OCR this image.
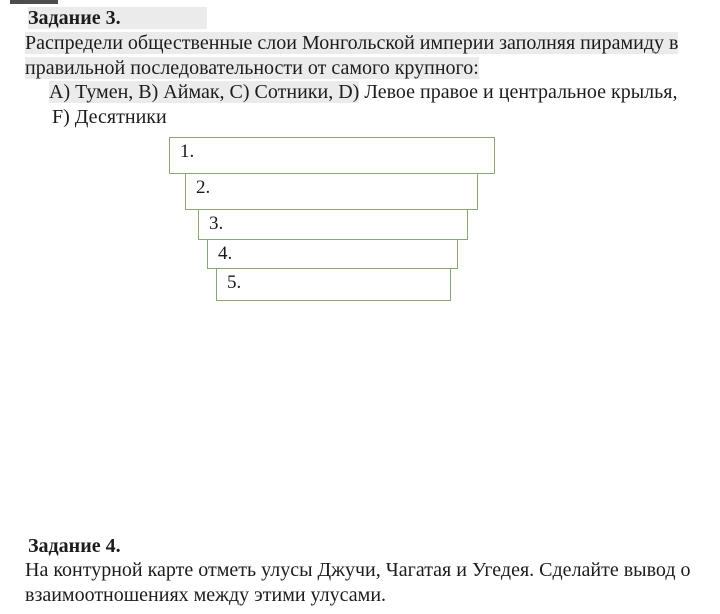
Задание 3.
Распредели общественные слои Монгольской империи заполняя пирамиду в
правильной последовательности от самого крупного:
А) Тумен, В) Аймак, С) Сотники, D) Левое правое и центральное крылья,
F) Десятники
1.
2.
3.
4.
5.
Задание 4.
На контурной карте отметь улусы Джучи, Чагатая и Угедея. Сделайте вывод о
взаимоотношениях между этими улусами.
